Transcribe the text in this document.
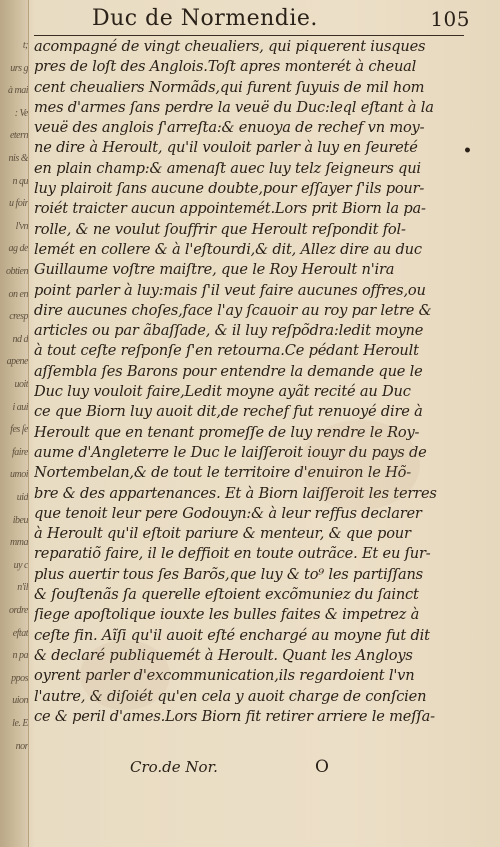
t;
urs g
à mai
: Ve
etern
nis &
n qu
u foir
l'vn
ag de
obtien
on en
cresp
nd d
apene
uoit
i aui
fes ſe
faire
umoi
uid
ibeu
mma
uy c
n'il
ordre
eftat
n pa
ppos
uion
le. E
nor
Duc de Normendie.	105
acompagné de vingt cheualiers, qui piquerent iusques
pres de loſt des Anglois.Toſt apres monterét à cheual
cent cheualiers Normãds,qui furent ſuyuis de mil hom
mes d'armes ſans perdre la veuë du Duc:leql eſtant à la
veuë des anglois ſ'arreſta:& enuoya de rechef vn moy-
ne dire à Heroult, qu'il vouloit parler à luy en ſeureté
en plain champ:& amenaſt auec luy telz ſeigneurs qui
luy plairoit ſans aucune doubte,pour eſſayer ſ'ils pour-
roiét traicter aucun appointemét.Lors prit Biorn la pa-
rolle, & ne voulut ſouffrir que Heroult reſpondit fol-
lemét en collere & à l'eſtourdi,& dit, Allez dire au duc
Guillaume voſtre maiſtre, que le Roy Heroult n'ira
point parler à luy:mais ſ'il veut faire aucunes offres,ou
dire aucunes choſes,face l'ay ſcauoir au roy par letre &
articles ou par ãbaſſade, & il luy reſpõdra:ledit moyne
à tout ceſte reſponſe ſ'en retourna.Ce pédant Heroult
aſſembla ſes Barons pour entendre la demande que le
Duc luy vouloit faire,Ledit moyne ayãt recité au Duc
ce que Biorn luy auoit dit,de rechef fut renuoyé dire à
Heroult que en tenant promeſſe de luy rendre le Roy-
aume d'Angleterre le Duc le laiſſeroit iouyr du pays de
Nortembelan,& de tout le territoire d'enuiron le Hõ-
bre & des appartenances. Et à Biorn laiſſeroit les terres
que tenoit leur pere Godouyn:& à leur reffus declarer
à Heroult qu'il eſtoit pariure & menteur, & que pour
reparatiõ faire, il le deffioit en toute outrãce. Et eu ſur-
plus auertir tous ſes Barõs,que luy & to⁹ les partiſſans
& ſouſtenãs ſa querelle eſtoient excõmuniez du ſainct
ſiege apoſtolique iouxte les bulles faites & impetrez à
ceſte fin. Aĩſi qu'il auoit eſté enchargé au moyne fut dit
& declaré publiquemét à Heroult. Quant les Angloys
oyrent parler d'excommunication,ils regardoient l'vn
l'autre, & diſoiét qu'en cela y auoit charge de conſcien
ce & peril d'ames.Lors Biorn fit retirer arriere le meſſa-
•
Cro.de Nor.	O
